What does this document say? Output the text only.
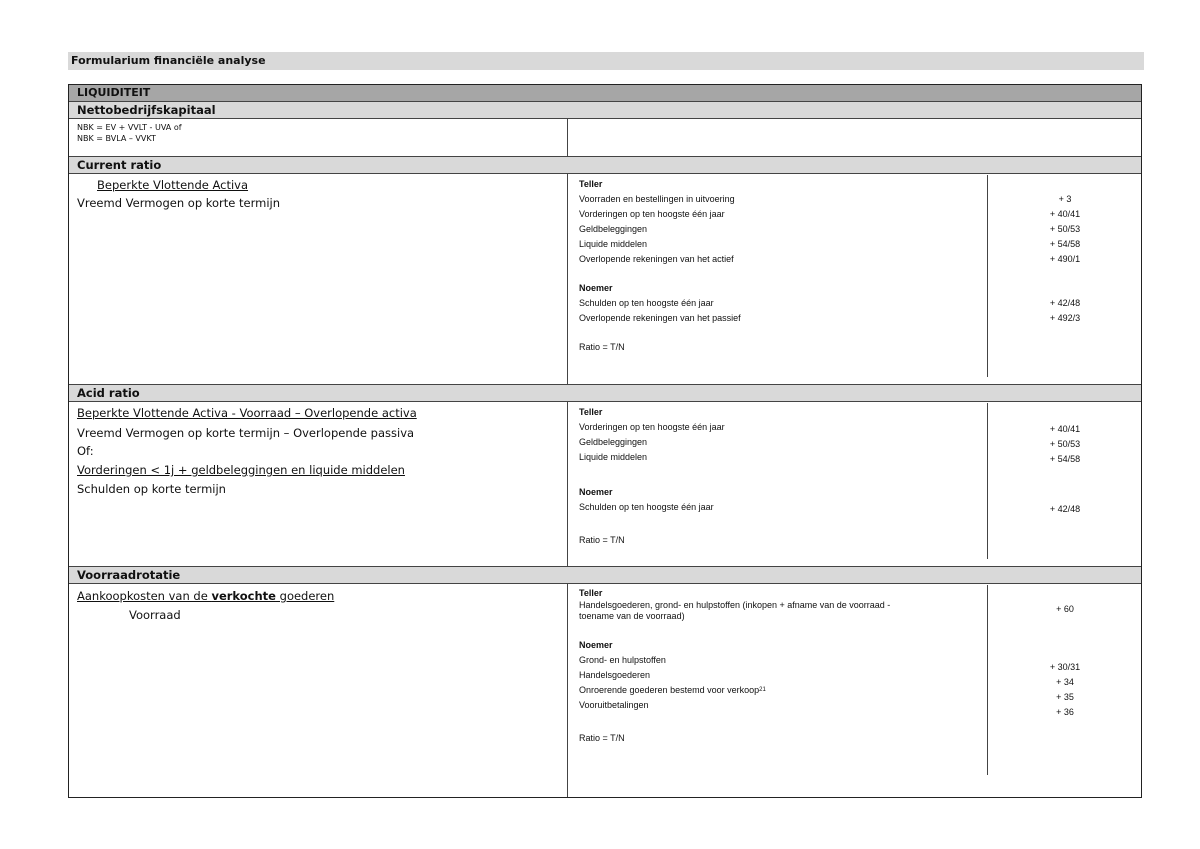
Formularium financiële analyse
LIQUIDITEIT
Nettobedrijfskapitaal
NBK = EV + VVLT - UVA of
NBK = BVLA – VVKT
Current ratio
Beperkte Vlottende Activa
Vreemd Vermogen op korte termijn
Teller
Voorraden en bestellingen in uitvoering
Vorderingen op ten hoogste één jaar
Geldbeleggingen
Liquide middelen
Overlopende rekeningen van het actief
Noemer
Schulden op ten hoogste één jaar
Overlopende rekeningen van het passief
Ratio = T/N
+ 3
+ 40/41
+ 50/53
+ 54/58
+ 490/1
+ 42/48
+ 492/3
Acid ratio
Beperkte Vlottende Activa - Voorraad – Overlopende activa
Vreemd Vermogen op korte termijn – Overlopende passiva
Of:
Vorderingen < 1j + geldbeleggingen en liquide middelen
Schulden op korte termijn
Teller
Vorderingen op ten hoogste één jaar
Geldbeleggingen
Liquide middelen
Noemer
Schulden op ten hoogste één jaar
Ratio = T/N
+ 40/41
+ 50/53
+ 54/58
+ 42/48
Voorraadrotatie
Aankoopkosten van de verkochte goederen
Voorraad
Teller
Handelsgoederen, grond- en hulpstoffen (inkopen + afname van de voorraad - toename van de voorraad)
Noemer
Grond- en hulpstoffen
Handelsgoederen
Onroerende goederen bestemd voor verkoop$^{21}$
Vooruitbetalingen
Ratio = T/N
+ 60
+ 30/31
+ 34
+ 35
+ 36
